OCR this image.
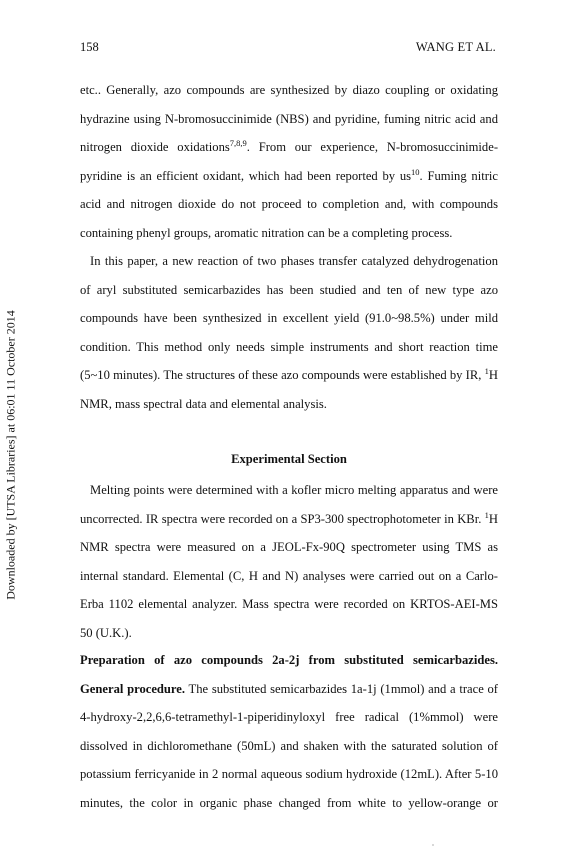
158	WANG ET AL.
Downloaded by [UTSA Libraries] at 06:01 11 October 2014

etc.. Generally, azo compounds are synthesized by diazo coupling or oxidating

hydrazine using N-bromosuccinimide (NBS) and pyridine, fuming nitric acid and

nitrogen dioxide oxidations$^{7,8,9}$. From our experience, N-bromosuccinimide-

pyridine is an efficient oxidant, which had been reported by $us^{10}$. Fuming nitric

acid and nitrogen dioxide do not proceed to completion and, with compounds

containing phenyl groups, aromatic nitration can be a completing process.

In this paper, a new reaction of two phases transfer catalyzed dehydrogenation

of aryl substituted semicarbazides has been studied and ten of new type azo

compounds have been synthesized in excellent yield (91.0~98.5%) under mild

condition. This method only needs simple instruments and short reaction time

(5~10 minutes). The structures of these azo compounds were established by IR, $^1$H

NMR, mass spectral data and elemental analysis.

Experimental Section

Melting points were determined with a kofler micro melting apparatus and were

uncorrected. IR spectra were recorded on a SP3-300 spectrophotometer in KBr. $^1$H

NMR spectra were measured on a JEOL-Fx-90Q spectrometer using TMS as

internal standard. Elemental (C, H and N) analyses were carried out on a Carlo-

Erba 1102 elemental analyzer. Mass spectra were recorded on KRTOS-AEI-MS

50 (U.K.).

Preparation of azo compounds 2a-2j from substituted semicarbazides.

General procedure. The substituted semicarbazides 1a-1j (1mmol) and a trace of

4-hydroxy-2,2,6,6-tetramethyl-1-piperidinyloxyl free radical (1%mmol) were

dissolved in dichloromethane (50mL) and shaken with the saturated solution of

potassium ferricyanide in 2 normal aqueous sodium hydroxide (12mL). After 5-10

minutes, the color in organic phase changed from white to yellow-orange or
